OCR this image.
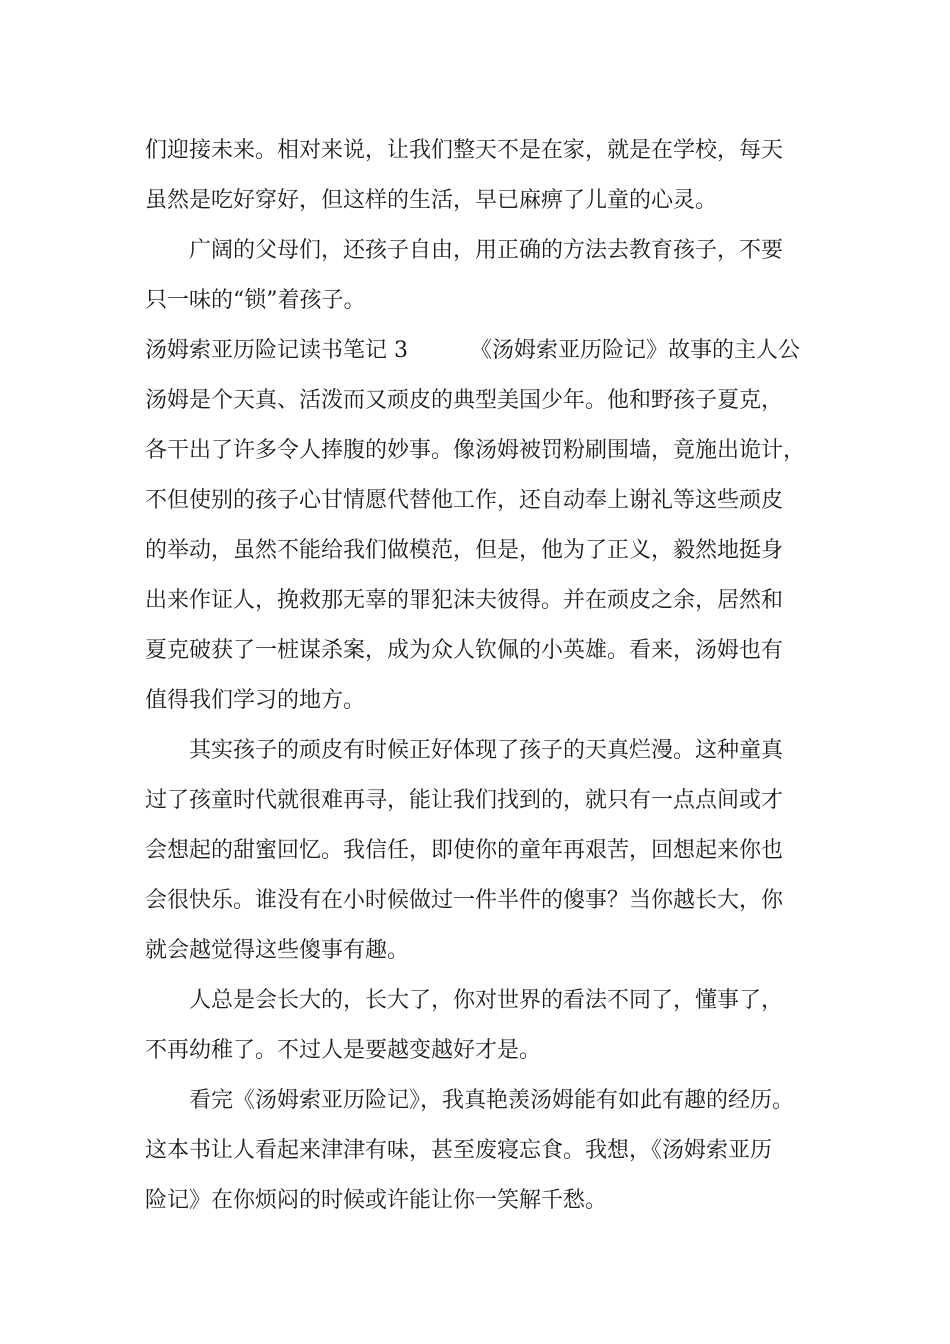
们迎接未来。相对来说，让我们整天不是在家，就是在学校，每天
虽然是吃好穿好，但这样的生活，早已麻痹了儿童的心灵。
广阔的父母们，还孩子自由，用正确的方法去教育孩子，不要
只一味的“锁”着孩子。
汤姆索亚历险记读书笔记 3	《汤姆索亚历险记》故事的主人公
汤姆是个天真、活泼而又顽皮的典型美国少年。他和野孩子夏克，
各干出了许多令人捧腹的妙事。像汤姆被罚粉刷围墙，竟施出诡计，
不但使别的孩子心甘情愿代替他工作，还自动奉上谢礼等这些顽皮
的举动，虽然不能给我们做模范，但是，他为了正义，毅然地挺身
出来作证人，挽救那无辜的罪犯沫夫彼得。并在顽皮之余，居然和
夏克破获了一桩谋杀案，成为众人钦佩的小英雄。看来，汤姆也有
值得我们学习的地方。
其实孩子的顽皮有时候正好体现了孩子的天真烂漫。这种童真
过了孩童时代就很难再寻，能让我们找到的，就只有一点点间或才
会想起的甜蜜回忆。我信任，即使你的童年再艰苦，回想起来你也
会很快乐。谁没有在小时候做过一件半件的傻事？当你越长大，你
就会越觉得这些傻事有趣。
人总是会长大的，长大了，你对世界的看法不同了，懂事了，
不再幼稚了。不过人是要越变越好才是。
看完《汤姆索亚历险记》，我真艳羡汤姆能有如此有趣的经历。
这本书让人看起来津津有味，甚至废寝忘食。我想，《汤姆索亚历
险记》在你烦闷的时候或许能让你一笑解千愁。
